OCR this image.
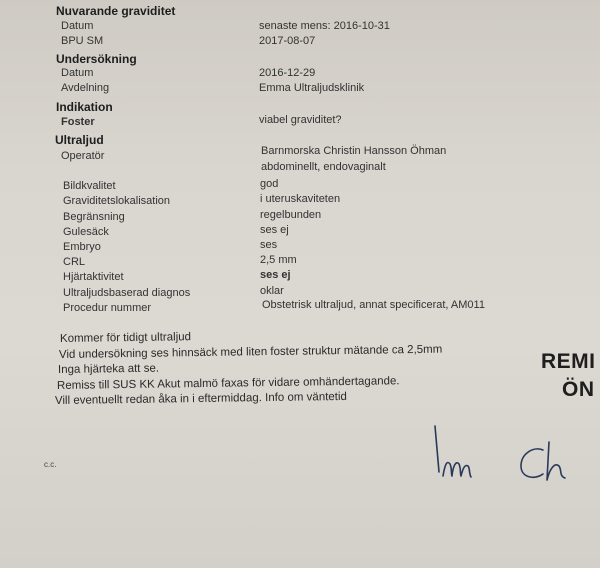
Nuvarande graviditet
Datum	senaste mens: 2016-10-31
BPU SM	2017-08-07
Undersökning
Datum	2016-12-29
Avdelning	Emma Ultraljudsklinik
Indikation
Foster	viabel graviditet?
Ultraljud
Operatör	Barnmorska Christin Hansson Öhman
abdominellt, endovaginalt
Bildkvalitet	god
Graviditetslokalisation	i uteruskaviteten
Begränsning	regelbunden
Gulesäck	ses ej
Embryo	ses
CRL	2,5 mm
Hjärtaktivitet	ses ej
Ultraljudsbaserad diagnos	oklar
Procedur nummer	Obstetrisk ultraljud, annat specificerat, AM011
Kommer för tidigt ultraljud
Vid undersökning ses hinnsäck med liten foster struktur mätande ca 2,5mm
Inga hjärteka att se.
Remiss till SUS KK Akut malmö faxas för vidare omhändertagande.
Vill eventuellt redan åka in i eftermiddag. Info om väntetid
REMI
ÖN
c.c.
